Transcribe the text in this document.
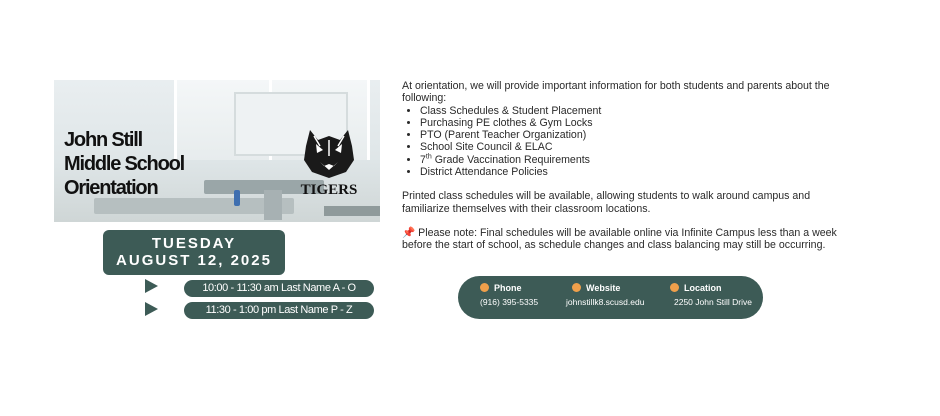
John Still
Middle School
Orientation	TIGERS
TUESDAY
AUGUST 12, 2025
10:00 - 11:30 am Last Name A - O
11:30 - 1:00 pm Last Name P - Z

At orientation, we will provide important information for both students and parents about the following:

• Class Schedules & Student Placement
• Purchasing PE clothes & Gym Locks
• PTO (Parent Teacher Organization)
• School Site Council & ELAC
• 7th Grade Vaccination Requirements
• District Attendance Policies

Printed class schedules will be available, allowing students to walk around campus and familiarize themselves with their classroom locations.

📌 Please note: Final schedules will be available online via Infinite Campus less than a week before the start of school, as schedule changes and class balancing may still be occurring.

Phone
(916) 395-5335
Website
johnstillk8.scusd.edu
Location
2250 John Still Drive
